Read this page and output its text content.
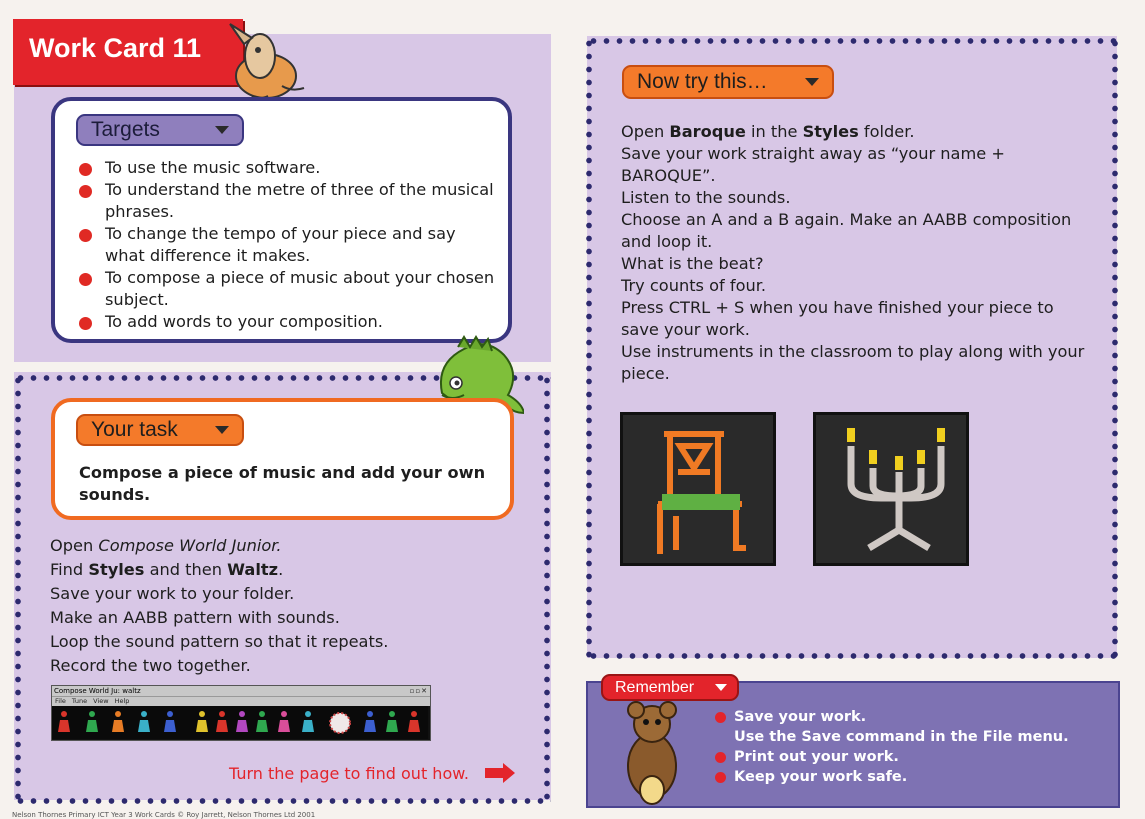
Work Card 11
Targets
To use the music software.
To understand the metre of three of the musical phrases.
To change the tempo of your piece and say what difference it makes.
To compose a piece of music about your chosen subject.
To add words to your composition.
Your task
Compose a piece of music and add your own sounds.
Open Compose World Junior.
Find Styles and then Waltz.
Save your work to your folder.
Make an AABB pattern with sounds.
Loop the sound pattern so that it repeats.
Record the two together.
Compose World Ju: waltz	▫▫✕
File Tune View Help
Turn the page to find out how.
Now try this…
Open Baroque in the Styles folder.
Save your work straight away as “your name + BAROQUE”.
Listen to the sounds.
Choose an A and a B again. Make an AABB composition and loop it.
What is the beat?
Try counts of four.
Press CTRL + S when you have finished your piece to save your work.
Use instruments in the classroom to play along with your piece.
Remember
Save your work.
Use the Save command in the File menu.
Print out your work.
Keep your work safe.
Nelson Thornes Primary ICT Year 3 Work Cards © Roy Jarrett, Nelson Thornes Ltd 2001
